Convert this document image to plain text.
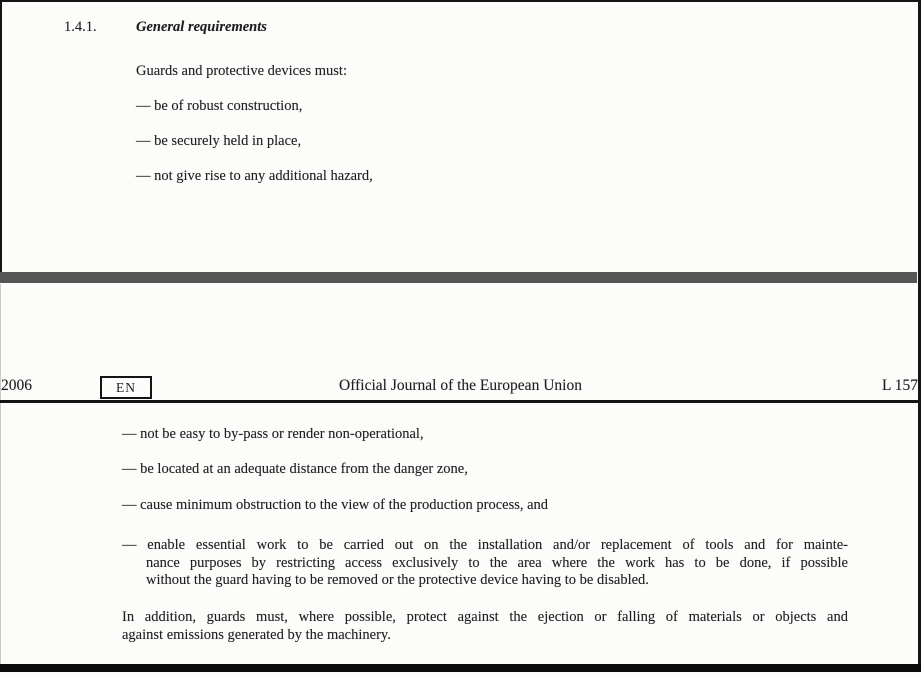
1.4.1.	General requirements
Guards and protective devices must:
— be of robust construction,
— be securely held in place,
— not give rise to any additional hazard,
2006	EN	Official Journal of the European Union	L 157
— not be easy to by-pass or render non-operational,
— be located at an adequate distance from the danger zone,
— cause minimum obstruction to the view of the production process, and
— enable essential work to be carried out on the installation and/or replacement of tools and for mainte-
nance purposes by restricting access exclusively to the area where the work has to be done, if possible
without the guard having to be removed or the protective device having to be disabled.
In addition, guards must, where possible, protect against the ejection or falling of materials or objects and
against emissions generated by the machinery.
